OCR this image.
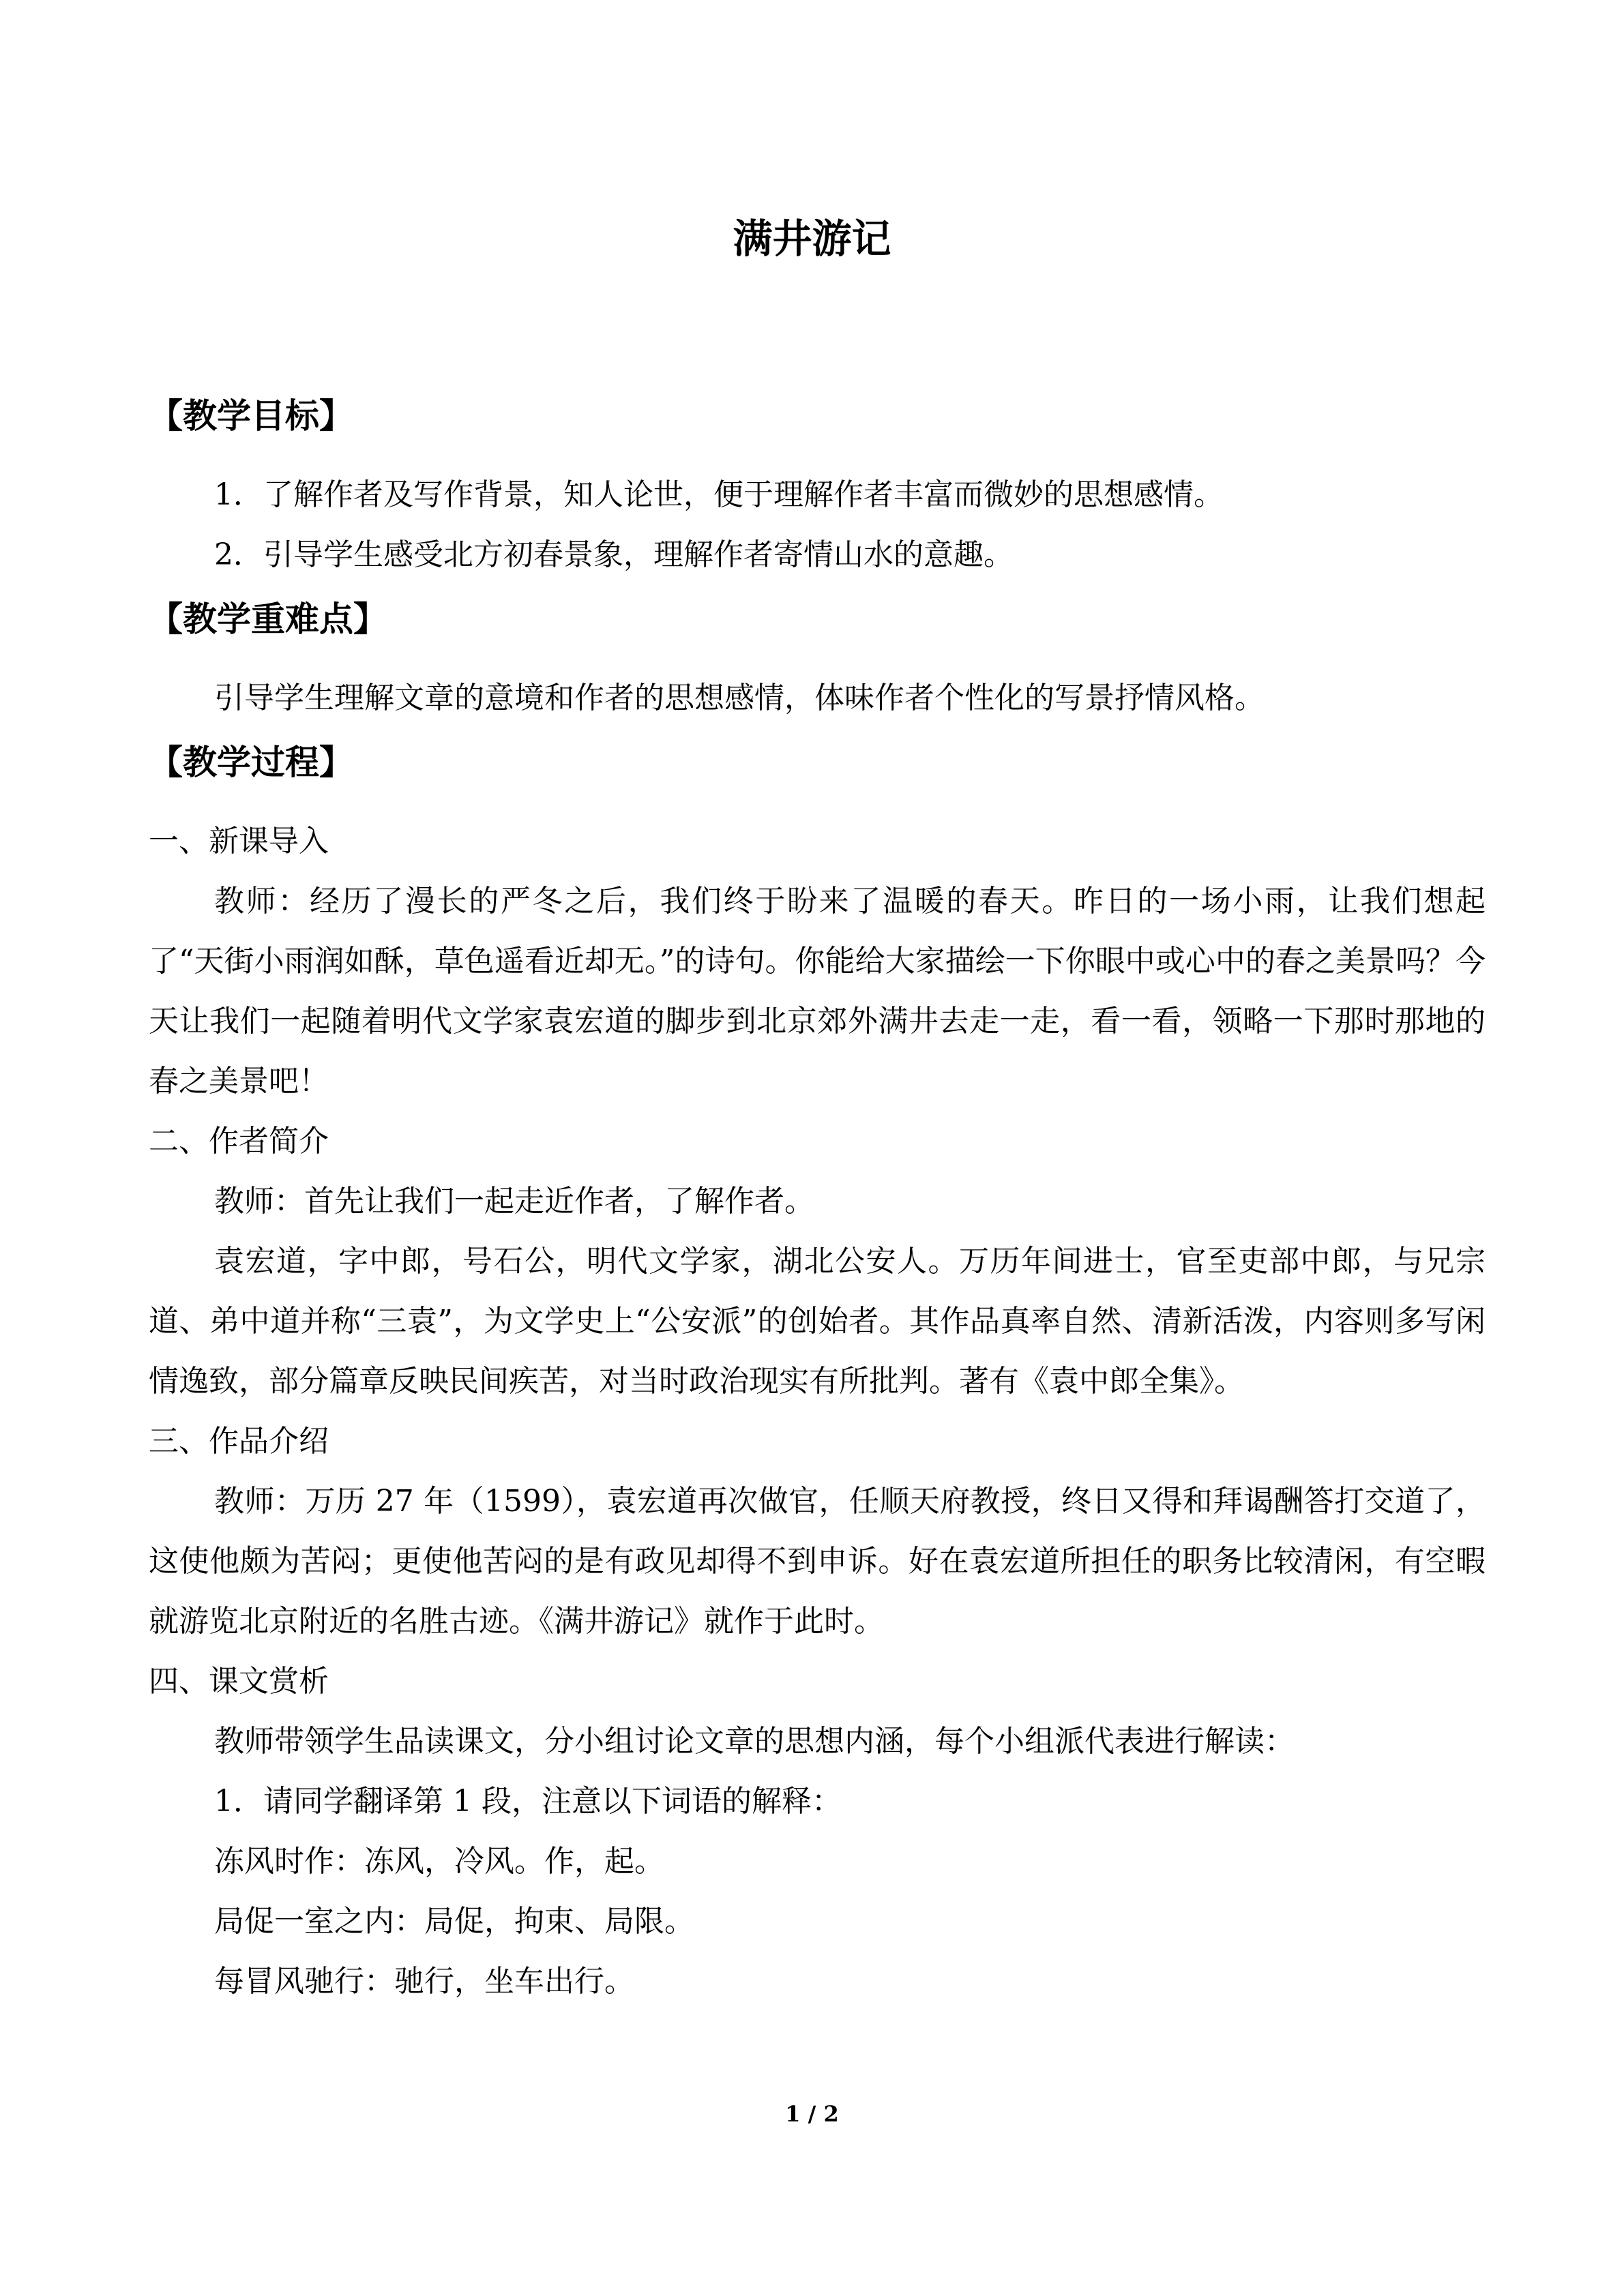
满井游记
【教学目标】
1．了解作者及写作背景，知人论世，便于理解作者丰富而微妙的思想感情。
2．引导学生感受北方初春景象，理解作者寄情山水的意趣。
【教学重难点】
引导学生理解文章的意境和作者的思想感情，体味作者个性化的写景抒情风格。
【教学过程】
一、新课导入
教师：经历了漫长的严冬之后，我们终于盼来了温暖的春天。昨日的一场小雨，让我们想起了“天街小雨润如酥，草色遥看近却无。”的诗句。你能给大家描绘一下你眼中或心中的春之美景吗？今天让我们一起随着明代文学家袁宏道的脚步到北京郊外满井去走一走，看一看，领略一下那时那地的春之美景吧！
二、作者简介
教师：首先让我们一起走近作者，了解作者。
袁宏道，字中郎，号石公，明代文学家，湖北公安人。万历年间进士，官至吏部中郎，与兄宗道、弟中道并称“三袁”，为文学史上“公安派”的创始者。其作品真率自然、清新活泼，内容则多写闲情逸致，部分篇章反映民间疾苦，对当时政治现实有所批判。著有《袁中郎全集》。
三、作品介绍
教师：万历 27 年（1599），袁宏道再次做官，任顺天府教授，终日又得和拜谒酬答打交道了，这使他颇为苦闷；更使他苦闷的是有政见却得不到申诉。好在袁宏道所担任的职务比较清闲，有空暇就游览北京附近的名胜古迹。《满井游记》就作于此时。
四、课文赏析
教师带领学生品读课文，分小组讨论文章的思想内涵，每个小组派代表进行解读：
1．请同学翻译第 1 段，注意以下词语的解释：
冻风时作：冻风，冷风。作，起。
局促一室之内：局促，拘束、局限。
每冒风驰行：驰行，坐车出行。
1 / 2
